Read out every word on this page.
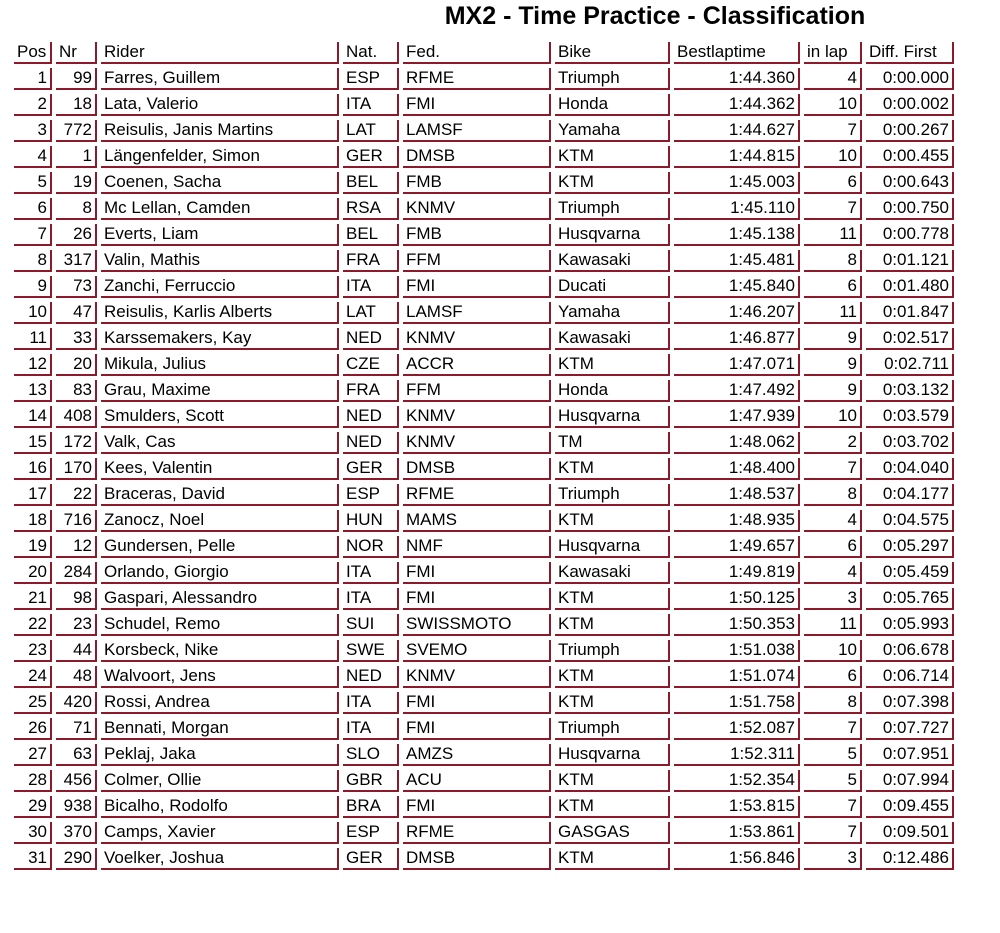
MX2 - Time Practice - Classification
Pos	Nr	Rider	Nat.	Fed.	Bike	Bestlaptime	in lap	Diff. First
1	99	Farres, Guillem	ESP	RFME	Triumph	1:44.360	4	0:00.000
2	18	Lata, Valerio	ITA	FMI	Honda	1:44.362	10	0:00.002
3	772	Reisulis, Janis Martins	LAT	LAMSF	Yamaha	1:44.627	7	0:00.267
4	1	Längenfelder, Simon	GER	DMSB	KTM	1:44.815	10	0:00.455
5	19	Coenen, Sacha	BEL	FMB	KTM	1:45.003	6	0:00.643
6	8	Mc Lellan, Camden	RSA	KNMV	Triumph	1:45.110	7	0:00.750
7	26	Everts, Liam	BEL	FMB	Husqvarna	1:45.138	11	0:00.778
8	317	Valin, Mathis	FRA	FFM	Kawasaki	1:45.481	8	0:01.121
9	73	Zanchi, Ferruccio	ITA	FMI	Ducati	1:45.840	6	0:01.480
10	47	Reisulis, Karlis Alberts	LAT	LAMSF	Yamaha	1:46.207	11	0:01.847
11	33	Karssemakers, Kay	NED	KNMV	Kawasaki	1:46.877	9	0:02.517
12	20	Mikula, Julius	CZE	ACCR	KTM	1:47.071	9	0:02.711
13	83	Grau, Maxime	FRA	FFM	Honda	1:47.492	9	0:03.132
14	408	Smulders, Scott	NED	KNMV	Husqvarna	1:47.939	10	0:03.579
15	172	Valk, Cas	NED	KNMV	TM	1:48.062	2	0:03.702
16	170	Kees, Valentin	GER	DMSB	KTM	1:48.400	7	0:04.040
17	22	Braceras, David	ESP	RFME	Triumph	1:48.537	8	0:04.177
18	716	Zanocz, Noel	HUN	MAMS	KTM	1:48.935	4	0:04.575
19	12	Gundersen, Pelle	NOR	NMF	Husqvarna	1:49.657	6	0:05.297
20	284	Orlando, Giorgio	ITA	FMI	Kawasaki	1:49.819	4	0:05.459
21	98	Gaspari, Alessandro	ITA	FMI	KTM	1:50.125	3	0:05.765
22	23	Schudel, Remo	SUI	SWISSMOTO	KTM	1:50.353	11	0:05.993
23	44	Korsbeck, Nike	SWE	SVEMO	Triumph	1:51.038	10	0:06.678
24	48	Walvoort, Jens	NED	KNMV	KTM	1:51.074	6	0:06.714
25	420	Rossi, Andrea	ITA	FMI	KTM	1:51.758	8	0:07.398
26	71	Bennati, Morgan	ITA	FMI	Triumph	1:52.087	7	0:07.727
27	63	Peklaj, Jaka	SLO	AMZS	Husqvarna	1:52.311	5	0:07.951
28	456	Colmer, Ollie	GBR	ACU	KTM	1:52.354	5	0:07.994
29	938	Bicalho, Rodolfo	BRA	FMI	KTM	1:53.815	7	0:09.455
30	370	Camps, Xavier	ESP	RFME	GASGAS	1:53.861	7	0:09.501
31	290	Voelker, Joshua	GER	DMSB	KTM	1:56.846	3	0:12.486
